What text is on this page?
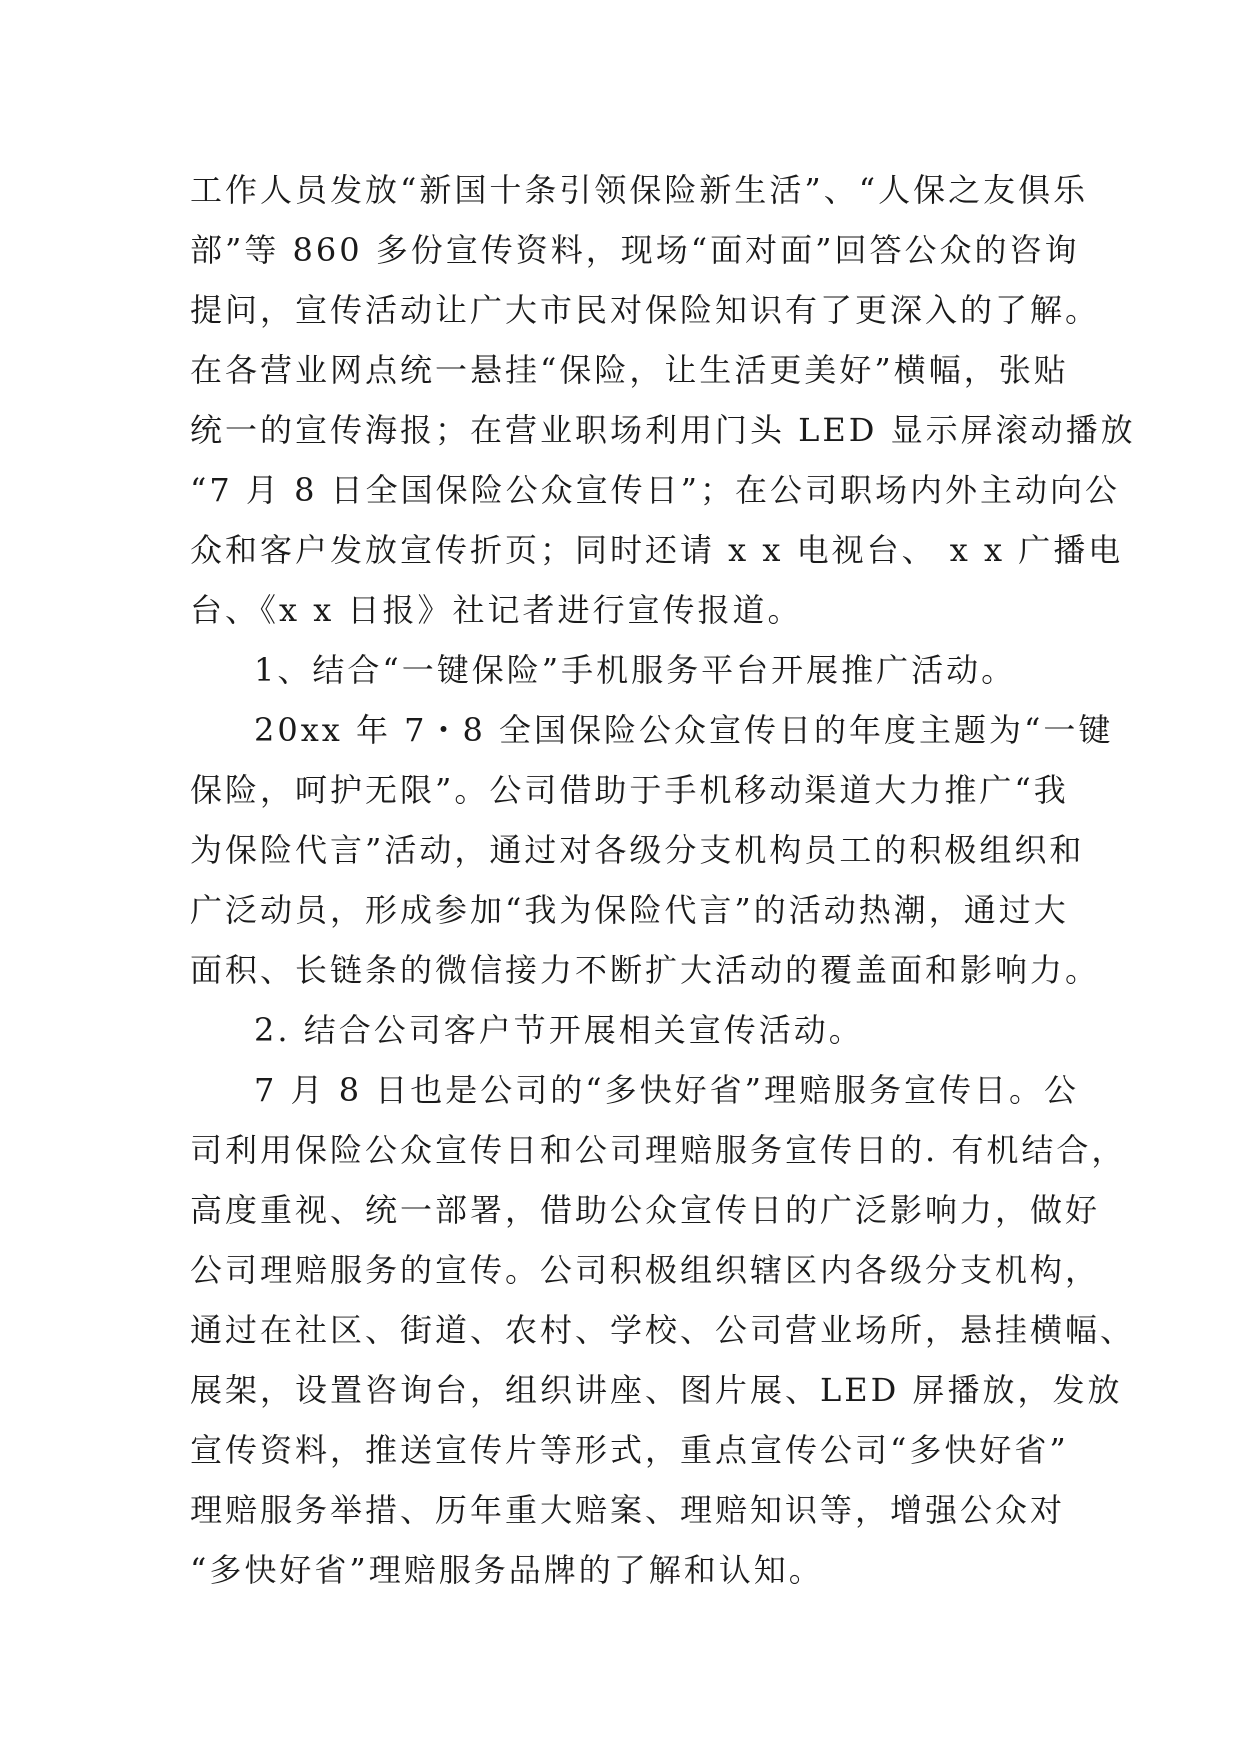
工作人员发放“新国十条引领保险新生活”、“人保之友俱乐
部”等 860 多份宣传资料，现场“面对面”回答公众的咨询
提问，宣传活动让广大市民对保险知识有了更深入的了解。
在各营业网点统一悬挂“保险，让生活更美好”横幅，张贴
统一的宣传海报；在营业职场利用门头 LED 显示屏滚动播放
“7 月 8 日全国保险公众宣传日”；在公司职场内外主动向公
众和客户发放宣传折页；同时还请 x x 电视台、 x x 广播电
台、《x x 日报》社记者进行宣传报道。
1、结合“一键保险”手机服务平台开展推广活动。
20xx 年 7・8 全国保险公众宣传日的年度主题为“一键
保险，呵护无限”。公司借助于手机移动渠道大力推广“我
为保险代言”活动，通过对各级分支机构员工的积极组织和
广泛动员，形成参加“我为保险代言”的活动热潮，通过大
面积、长链条的微信接力不断扩大活动的覆盖面和影响力。
2. 结合公司客户节开展相关宣传活动。
7 月 8 日也是公司的“多快好省”理赔服务宣传日。公
司利用保险公众宣传日和公司理赔服务宣传日的. 有机结合，
高度重视、统一部署，借助公众宣传日的广泛影响力，做好
公司理赔服务的宣传。公司积极组织辖区内各级分支机构，
通过在社区、街道、农村、学校、公司营业场所，悬挂横幅、
展架，设置咨询台，组织讲座、图片展、LED 屏播放，发放
宣传资料，推送宣传片等形式，重点宣传公司“多快好省”
理赔服务举措、历年重大赔案、理赔知识等，增强公众对
“多快好省”理赔服务品牌的了解和认知。
